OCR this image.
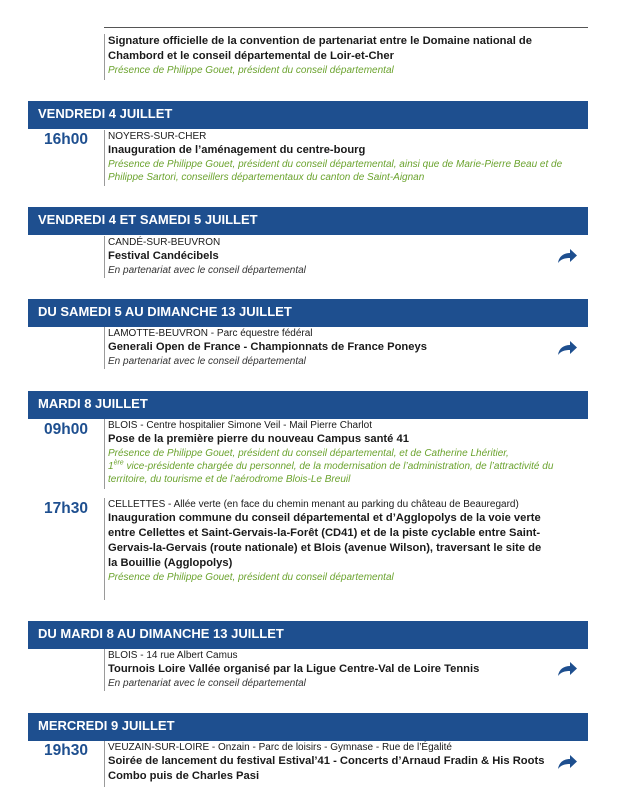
Signature officielle de la convention de partenariat entre le Domaine national de Chambord et le conseil départemental de Loir-et-Cher
Présence de Philippe Gouet, président du conseil départemental
VENDREDI 4 JUILLET
16h00 NOYERS-SUR-CHER
Inauguration de l’aménagement du centre-bourg
Présence de Philippe Gouet, président du conseil départemental, ainsi que de Marie-Pierre Beau et de Philippe Sartori, conseillers départementaux du canton de Saint-Aignan
VENDREDI 4 ET SAMEDI 5 JUILLET
CANDÉ-SUR-BEUVRON
Festival Candécibels
En partenariat avec le conseil départemental
DU SAMEDI 5 AU DIMANCHE 13 JUILLET
LAMOTTE-BEUVRON - Parc équestre fédéral
Generali Open de France - Championnats de France Poneys
En partenariat avec le conseil départemental
MARDI 8 JUILLET
09h00 BLOIS - Centre hospitalier Simone Veil - Mail Pierre Charlot
Pose de la première pierre du nouveau Campus santé 41
Présence de Philippe Gouet, président du conseil départemental, et de Catherine Lhéritier,
1ère vice-présidente chargée du personnel, de la modernisation de l’administration, de l’attractivité du territoire, du tourisme et de l’aérodrome Blois-Le Breuil
17h30 CELLETTES - Allée verte (en face du chemin menant au parking du château de Beauregard)
Inauguration commune du conseil départemental et d’Agglopolys de la voie verte entre Cellettes et Saint-Gervais-la-Forêt (CD41) et de la piste cyclable entre Saint-Gervais-la-Gervais (route nationale) et Blois (avenue Wilson), traversant le site de la Bouillie (Agglopolys)
Présence de Philippe Gouet, président du conseil départemental
DU MARDI 8 AU DIMANCHE 13 JUILLET
BLOIS - 14 rue Albert Camus
Tournois Loire Vallée organisé par la Ligue Centre-Val de Loire Tennis
En partenariat avec le conseil départemental
MERCREDI 9 JUILLET
19h30 VEUZAIN-SUR-LOIRE - Onzain - Parc de loisirs - Gymnase - Rue de l’Égalité
Soirée de lancement du festival Estival’41 - Concerts d’Arnaud Fradin & His Roots Combo puis de Charles Pasi
